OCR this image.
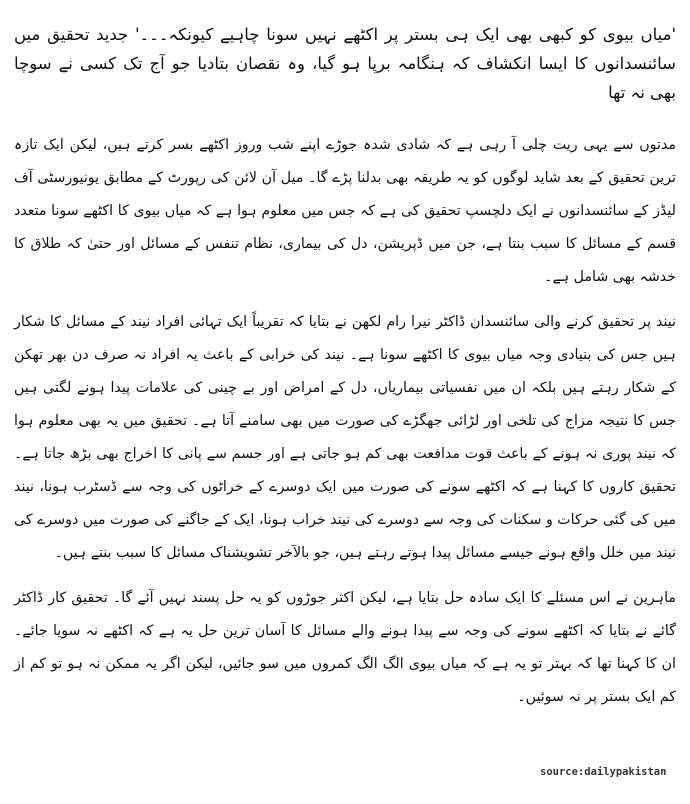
'میاں بیوی کو کبھی بھی ایک ہی بستر پر اکٹھے نہیں سونا چاہیے کیونکہ۔۔۔' جدید تحقیق میں سائنسدانوں کا ایسا انکشاف کہ ہنگامہ برپا ہو گیا، وہ نقصان بتادیا جو آج تک کسی نے سوچا بھی نہ تھا

مدتوں سے یہی ریت چلی آ رہی ہے کہ شادی شدہ جوڑے اپنے شب وروز اکٹھے بسر کرتے ہیں، لیکن ایک تازہ ترین تحقیق کے بعد شاید لوگوں کو یہ طریقہ بھی بدلنا پڑے گا۔ میل آن لائن کی رپورٹ کے مطابق یونیورسٹی آف لیڈز کے سائنسدانوں نے ایک دلچسپ تحقیق کی ہے کہ جس میں معلوم ہوا ہے کہ میاں بیوی کا اکٹھے سونا متعدد قسم کے مسائل کا سبب بنتا ہے، جن میں ڈپریشن، دل کی بیماری، نظام تنفس کے مسائل اور حتیٰ کہ طلاق کا خدشہ بھی شامل ہے۔

نیند پر تحقیق کرنے والی سائنسدان ڈاکٹر نیرا رام لکھن نے بتایا کہ تقریباً ایک تہائی افراد نیند کے مسائل کا شکار ہیں جس کی بنیادی وجہ میاں بیوی کا اکٹھے سونا ہے۔ نیند کی خرابی کے باعث یہ افراد نہ صرف دن بھر تھکن کے شکار رہتے ہیں بلکہ ان میں نفسیاتی بیماریاں، دل کے امراض اور بے چینی کی علامات پیدا ہونے لگتی ہیں جس کا نتیجہ مزاج کی تلخی اور لڑائی جھگڑے کی صورت میں بھی سامنے آتا ہے۔ تحقیق میں یہ بھی معلوم ہوا کہ نیند پوری نہ ہونے کے باعث قوت مدافعت بھی کم ہو جاتی ہے اور جسم سے پانی کا اخراج بھی بڑھ جاتا ہے۔ تحقیق کاروں کا کہنا ہے کہ اکٹھے سونے کی صورت میں ایک دوسرے کے خراٹوں کی وجہ سے ڈسٹرب ہونا، نیند میں کی گئی حرکات و سکنات کی وجہ سے دوسرے کی نیند خراب ہونا، ایک کے جاگنے کی صورت میں دوسرے کی نیند میں خلل واقع ہونے جیسے مسائل پیدا ہوتے رہتے ہیں، جو بالآخر تشویشناک مسائل کا سبب بنتے ہیں۔

ماہرین نے اس مسئلے کا ایک سادہ حل بتایا ہے، لیکن اکثر جوڑوں کو یہ حل پسند نہیں آئے گا۔ تحقیق کار ڈاکٹر گائے نے بتایا کہ اکٹھے سونے کی وجہ سے پیدا ہونے والے مسائل کا آسان ترین حل یہ ہے کہ اکٹھے نہ سویا جائے۔ ان کا کہنا تھا کہ بہتر تو یہ ہے کہ میاں بیوی الگ الگ کمروں میں سو جائیں، لیکن اگر یہ ممکن نہ ہو تو کم از کم ایک بستر پر نہ سوئیں۔

source:dailypakistan
